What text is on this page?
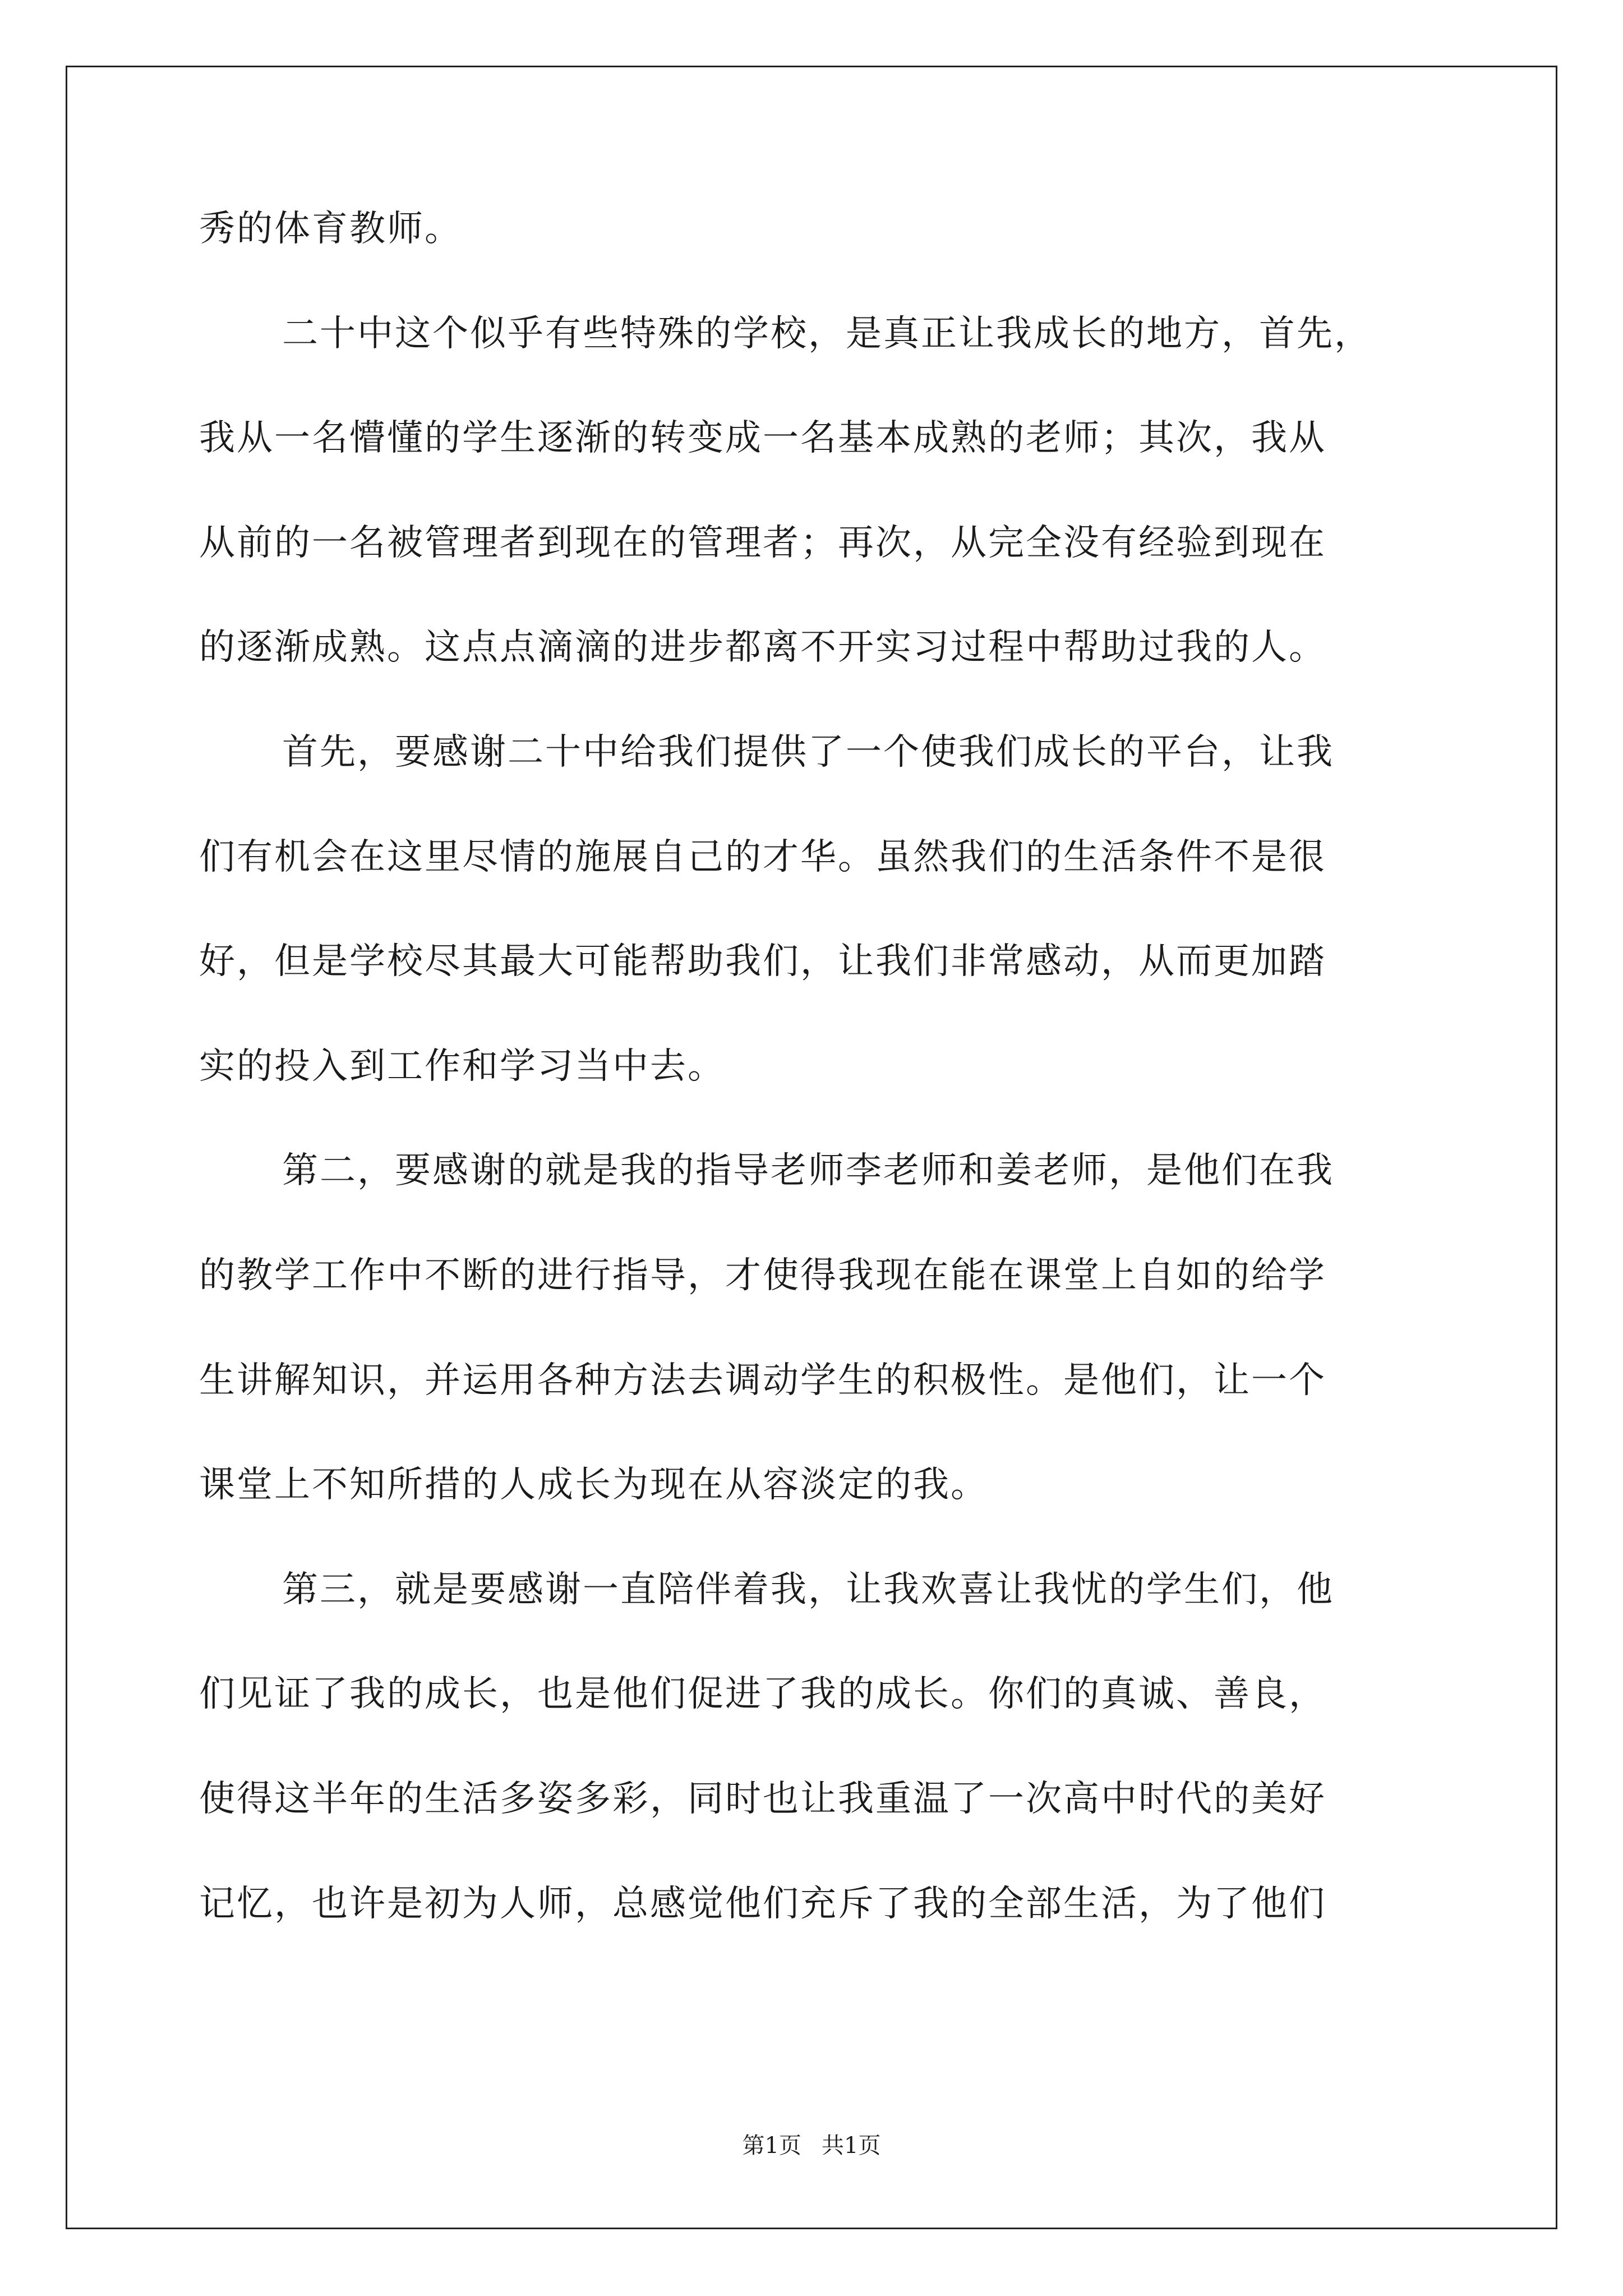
秀的体育教师。
二十中这个似乎有些特殊的学校，是真正让我成长的地方，首先，
我从一名懵懂的学生逐渐的转变成一名基本成熟的老师；其次，我从
从前的一名被管理者到现在的管理者；再次，从完全没有经验到现在
的逐渐成熟。这点点滴滴的进步都离不开实习过程中帮助过我的人。
首先，要感谢二十中给我们提供了一个使我们成长的平台，让我
们有机会在这里尽情的施展自己的才华。虽然我们的生活条件不是很
好，但是学校尽其最大可能帮助我们，让我们非常感动，从而更加踏
实的投入到工作和学习当中去。
第二，要感谢的就是我的指导老师李老师和姜老师，是他们在我
的教学工作中不断的进行指导，才使得我现在能在课堂上自如的给学
生讲解知识，并运用各种方法去调动学生的积极性。是他们，让一个
课堂上不知所措的人成长为现在从容淡定的我。
第三，就是要感谢一直陪伴着我，让我欢喜让我忧的学生们，他
们见证了我的成长，也是他们促进了我的成长。你们的真诚、善良，
使得这半年的生活多姿多彩，同时也让我重温了一次高中时代的美好
记忆，也许是初为人师，总感觉他们充斥了我的全部生活，为了他们
第1页 共1页
